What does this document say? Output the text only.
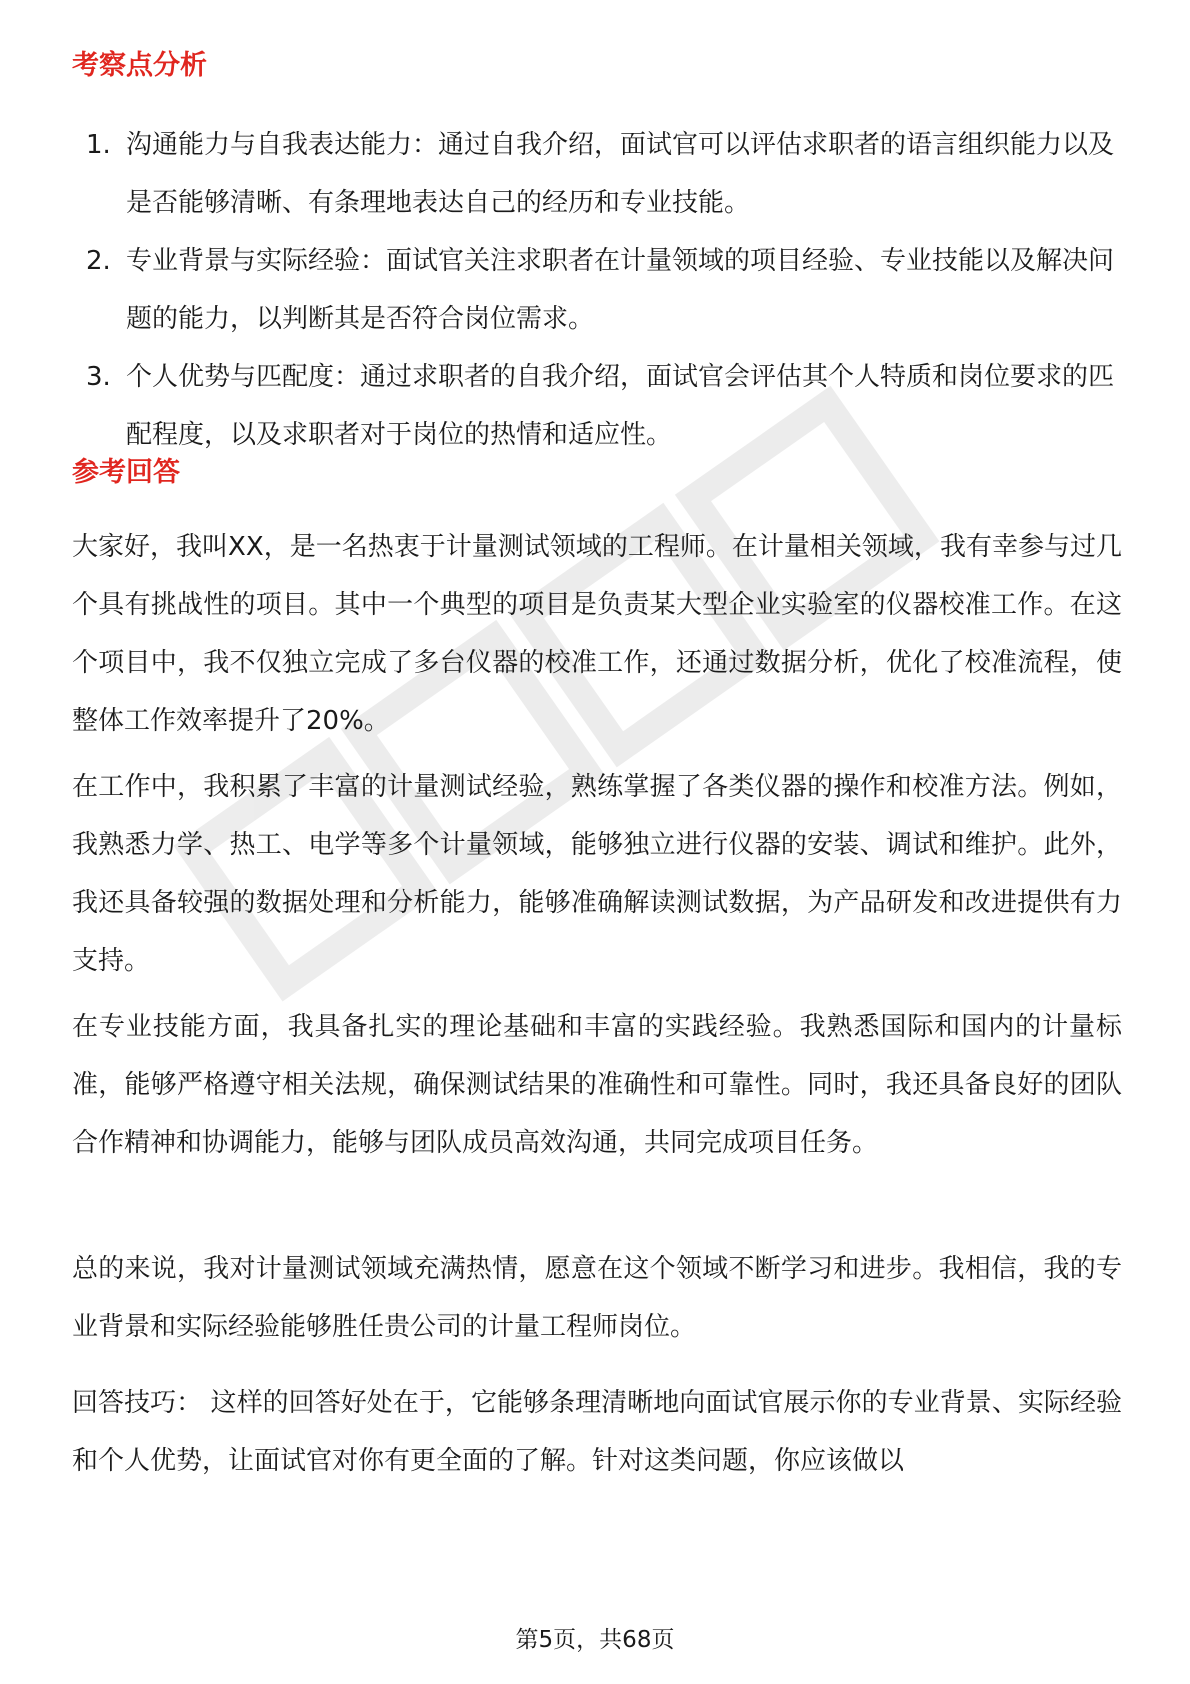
考察点分析
1. 沟通能力与自我表达能力：通过自我介绍，面试官可以评估求职者的语言组织能力以及是否能够清晰、有条理地表达自己的经历和专业技能。
2. 专业背景与实际经验：面试官关注求职者在计量领域的项目经验、专业技能以及解决问题的能力，以判断其是否符合岗位需求。
3. 个人优势与匹配度：通过求职者的自我介绍，面试官会评估其个人特质和岗位要求的匹配程度，以及求职者对于岗位的热情和适应性。
参考回答

大家好，我叫XX，是一名热衷于计量测试领域的工程师。在计量相关领域，我有幸参与过几个具有挑战性的项目。其中一个典型的项目是负责某大型企业实验室的仪器校准工作。在这个项目中，我不仅独立完成了多台仪器的校准工作，还通过数据分析，优化了校准流程，使整体工作效率提升了20%。

在工作中，我积累了丰富的计量测试经验，熟练掌握了各类仪器的操作和校准方法。例如，我熟悉力学、热工、电学等多个计量领域，能够独立进行仪器的安装、调试和维护。此外，我还具备较强的数据处理和分析能力，能够准确解读测试数据，为产品研发和改进提供有力支持。

在专业技能方面，我具备扎实的理论基础和丰富的实践经验。我熟悉国际和国内的计量标准，能够严格遵守相关法规，确保测试结果的准确性和可靠性。同时，我还具备良好的团队合作精神和协调能力，能够与团队成员高效沟通，共同完成项目任务。

总的来说，我对计量测试领域充满热情，愿意在这个领域不断学习和进步。我相信，我的专业背景和实际经验能够胜任贵公司的计量工程师岗位。

回答技巧： 这样的回答好处在于，它能够条理清晰地向面试官展示你的专业背景、实际经验和个人优势，让面试官对你有更全面的了解。针对这类问题，你应该做以

第5页，共68页
